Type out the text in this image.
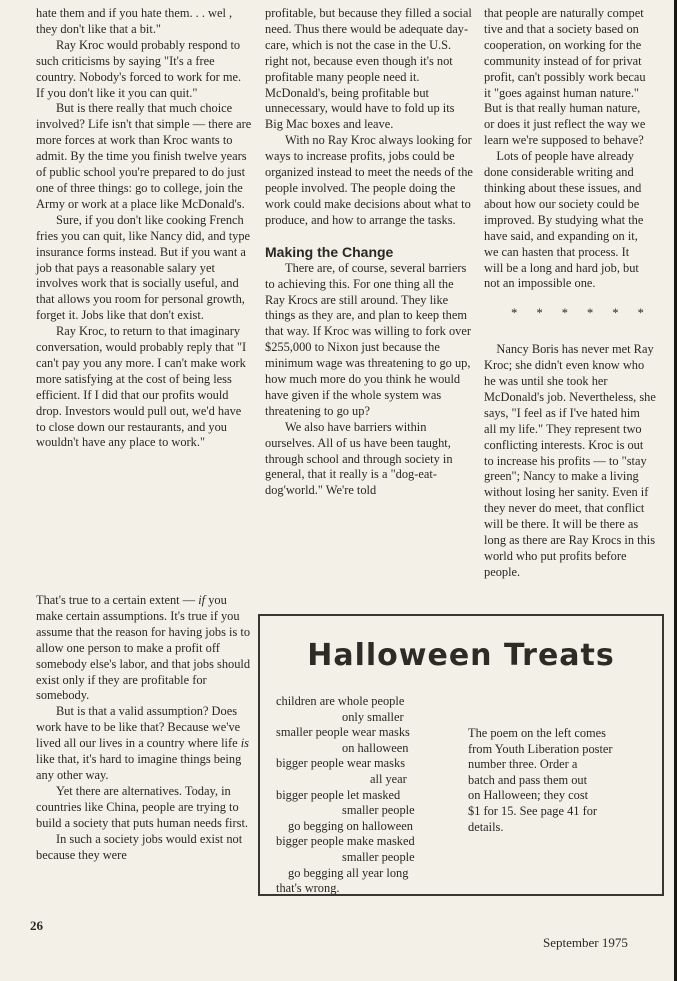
hate them and if you hate them. . . wel , they don't like that a bit."

Ray Kroc would probably respond to such criticisms by saying "It's a free country. Nobody's forced to work for me. If you don't like it you can quit."

But is there really that much choice involved? Life isn't that simple — there are more forces at work than Kroc wants to admit. By the time you finish twelve years of public school you're prepared to do just one of three things: go to college, join the Army or work at a place like McDonald's.

Sure, if you don't like cooking French fries you can quit, like Nancy did, and type insurance forms instead. But if you want a job that pays a reasonable salary yet involves work that is socially useful, and that allows you room for personal growth, forget it. Jobs like that don't exist.

Ray Kroc, to return to that imaginary conversation, would probably reply that "I can't pay you any more. I can't make work more satisfying at the cost of being less efficient. If I did that our profits would drop. Investors would pull out, we'd have to close down our restaurants, and you wouldn't have any place to work."

That's true to a certain extent — if you make certain assumptions. It's true if you assume that the reason for having jobs is to allow one person to make a profit off somebody else's labor, and that jobs should exist only if they are profitable for somebody.

But is that a valid assumption? Does work have to be like that? Because we've lived all our lives in a country where life is like that, it's hard to imagine things being any other way.

Yet there are alternatives. Today, in countries like China, people are trying to build a society that puts human needs first.

In such a society jobs would exist not because they were

profitable, but because they filled a social need. Thus there would be adequate day-care, which is not the case in the U.S. right not, because even though it's not profitable many people need it. McDonald's, being profitable but unnecessary, would have to fold up its Big Mac boxes and leave.

With no Ray Kroc always looking for ways to increase profits, jobs could be organized instead to meet the needs of the people involved. The people doing the work could make decisions about what to produce, and how to arrange the tasks.

Making the Change

There are, of course, several barriers to achieving this. For one thing all the Ray Krocs are still around. They like things as they are, and plan to keep them that way. If Kroc was willing to fork over $255,000 to Nixon just because the minimum wage was threatening to go up, how much more do you think he would have given if the whole system was threatening to go up?

We also have barriers within ourselves. All of us have been taught, through school and through society in general, that it really is a "dog-eat-dog'world." We're told

that people are naturally compet
tive and that a society based on
cooperation, on working for the
community instead of for privat
profit, can't possibly work becau
it "goes against human nature."
But is that really human nature,
or does it just reflect the way we
learn we're supposed to behave?
Lots of people have already
done considerable writing and
thinking about these issues, and
about how our society could be
improved. By studying what the
have said, and expanding on it,
we can hasten that process. It
will be a long and hard job, but
not an impossible one.
* * * * * *
Nancy Boris has never met Ray
Kroc; she didn't even know who
he was until she took her
McDonald's job. Nevertheless, she
says, "I feel as if I've hated him
all my life." They represent two
conflicting interests. Kroc is out
to increase his profits — to "stay
green"; Nancy to make a living
without losing her sanity. Even if
they never do meet, that conflict
will be there. It will be there as
long as there are Ray Krocs in this
world who put profits before
people.
Halloween Treats
children are whole people
only smaller
smaller people wear masks
on halloween
bigger people wear masks
all year
bigger people let masked
smaller people
go begging on halloween
bigger people make masked
smaller people
go begging all year long
that's wrong.
The poem on the left comes
from Youth Liberation poster
number three. Order a
batch and pass them out
on Halloween; they cost
$1 for 15. See page 41 for
details.
26
September 1975
